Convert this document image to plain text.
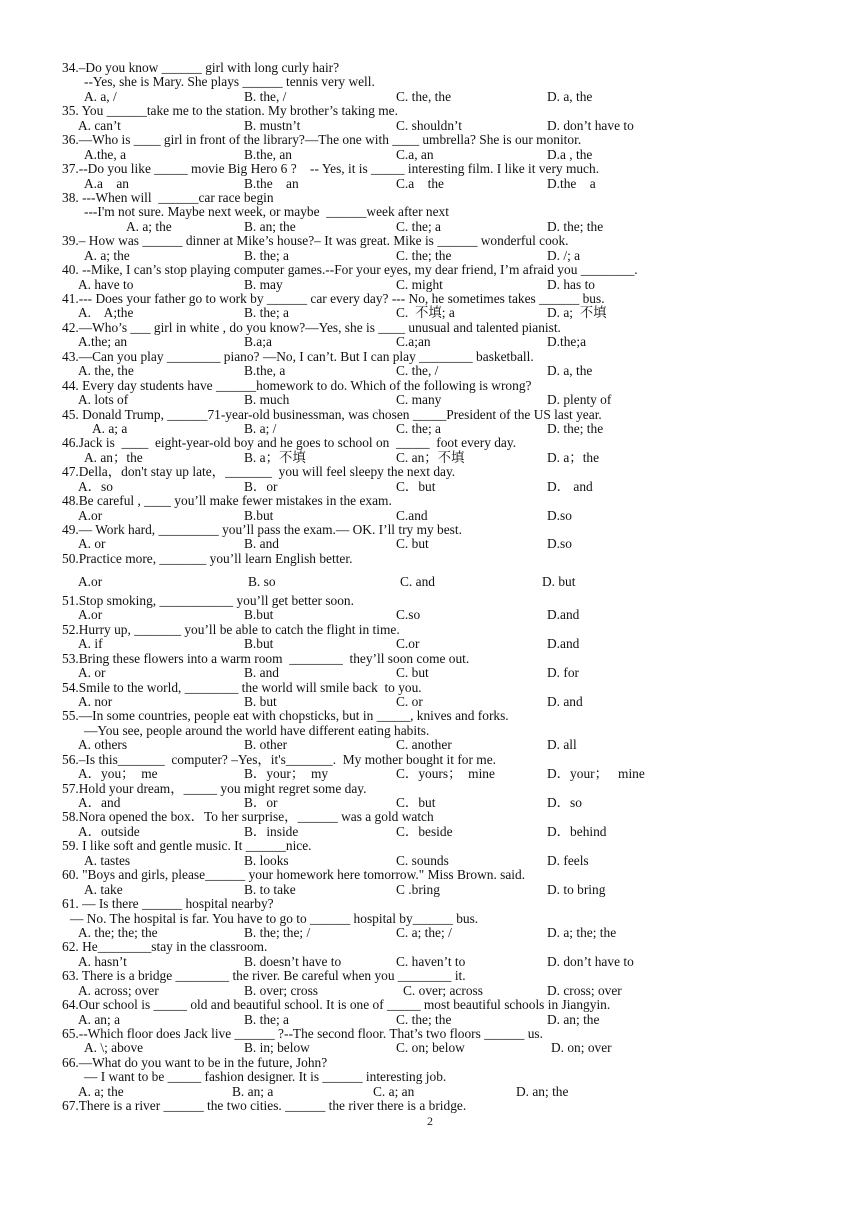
34.–Do you know ______ girl with long curly hair?
--Yes, she is Mary. She plays ______ tennis very well.
A. a, /	B. the, /	C. the, the	D. a, the
35. You ______take me to the station. My brother’s taking me.
A. can’t	B. mustn’t	C. shouldn’t	D. don’t have to
36.—Who is ____ girl in front of the library?—The one with ____ umbrella? She is our monitor.
A.the, a	B.the, an	C.a, an	D.a , the
37.--Do you like _____ movie Big Hero 6 ?    -- Yes, it is _____ interesting film. I like it very much.
A.a    an	B.the    an	C.a    the	D.the    a
38. ---When will  ______car race begin
---I'm not sure. Maybe next week, or maybe  ______week after next
A. a; the	B. an; the	C. the; a	D. the; the
39.– How was ______ dinner at Mike’s house?– It was great. Mike is ______ wonderful cook.
A. a; the	B. the; a	C. the; the	D. /; a
40. --Mike, I can’s stop playing computer games.--For your eyes, my dear friend, I’m afraid you ________.
A. have to	B. may	C. might	D. has to
41.--- Does your father go to work by ______ car every day? --- No, he sometimes takes ______ bus.
A.    A;the	B. the; a	C.  不填; a	D. a;  不填
42.—Who’s ___ girl in white , do you know?—Yes, she is ____ unusual and talented pianist.
A.the; an	B.a;a	C.a;an	D.the;a
43.—Can you play ________ piano? —No, I can’t. But I can play ________ basketball.
A. the, the	B.the, a	C. the, /	D. a, the
44. Every day students have ______homework to do. Which of the following is wrong?
A. lots of	B. much	C. many	D. plenty of
45. Donald Trump, ______71-year-old businessman, was chosen _____President of the US last year.
A. a; a	B. a; /	C. the; a	D. the; the
46.Jack is  ____  eight-year-old boy and he goes to school on  _____  foot every day.
A. an；the	B. a；不填	C. an；不填	D. a；the
47.Della，don't stay up late，_______  you will feel sleepy the next day.
A．so	B．or	C．but	D． and
48.Be careful , ____ you’ll make fewer mistakes in the exam.
A.or	B.but	C.and	D.so
49.— Work hard, _________ you’ll pass the exam.— OK. I’ll try my best.
A. or	B. and	C. but	D.so
50.Practice more, _______ you’ll learn English better.
A.or	B. so	C. and	D. but
51.Stop smoking, ___________ you’ll get better soon.
A.or	B.but	C.so	D.and
52.Hurry up, _______ you’ll be able to catch the flight in time.
A. if	B.but	C.or	D.and
53.Bring these flowers into a warm room  ________  they’ll soon come out.
A. or	B. and	C. but	D. for
54.Smile to the world, ________ the world will smile back  to you.
A. nor	B. but	C. or	D. and
55.—In some countries, people eat with chopsticks, but in _____, knives and forks.
—You see, people around the world have different eating habits.
A. others	B. other	C. another	D. all
56.–Is this_______  computer? –Yes，it's_______.  My mother bought it for me.
A．you；  me	B．your；  my	C．yours；  mine	D．your；   mine
57.Hold your dream，_____ you might regret some day.
A．and	B．or	C．but	D．so
58.Nora opened the box．To her surprise，______ was a gold watch
A．outside	B．inside	C．beside	D．behind
59. I like soft and gentle music. It ______nice.
A. tastes	B. looks	C. sounds	D. feels
60. "Boys and girls, please______ your homework here tomorrow." Miss Brown. said.
A. take	B. to take	C .bring	D. to bring
61. — Is there ______ hospital nearby?
— No. The hospital is far. You have to go to ______ hospital by______ bus.
A. the; the; the	B. the; the; /	C. a; the; /	D. a; the; the
62. He________stay in the classroom.
A. hasn’t	B. doesn’t have to	C. haven’t to	D. don’t have to
63. There is a bridge ________ the river. Be careful when you ________ it.
A. across; over	B. over; cross	C. over; across	D. cross; over
64.Our school is _____ old and beautiful school. It is one of _____ most beautiful schools in Jiangyin.
A. an; a	B. the; a	C. the; the	D. an; the
65.--Which floor does Jack live ______ ?--The second floor. That’s two floors ______ us.
A. \; above	B. in; below	C. on; below	D. on; over
66.—What do you want to be in the future, John?
— I want to be _____ fashion designer. It is ______ interesting job.
A. a; the	B. an; a	C. a; an	D. an; the
67.There is a river ______ the two cities. ______ the river there is a bridge.
2
